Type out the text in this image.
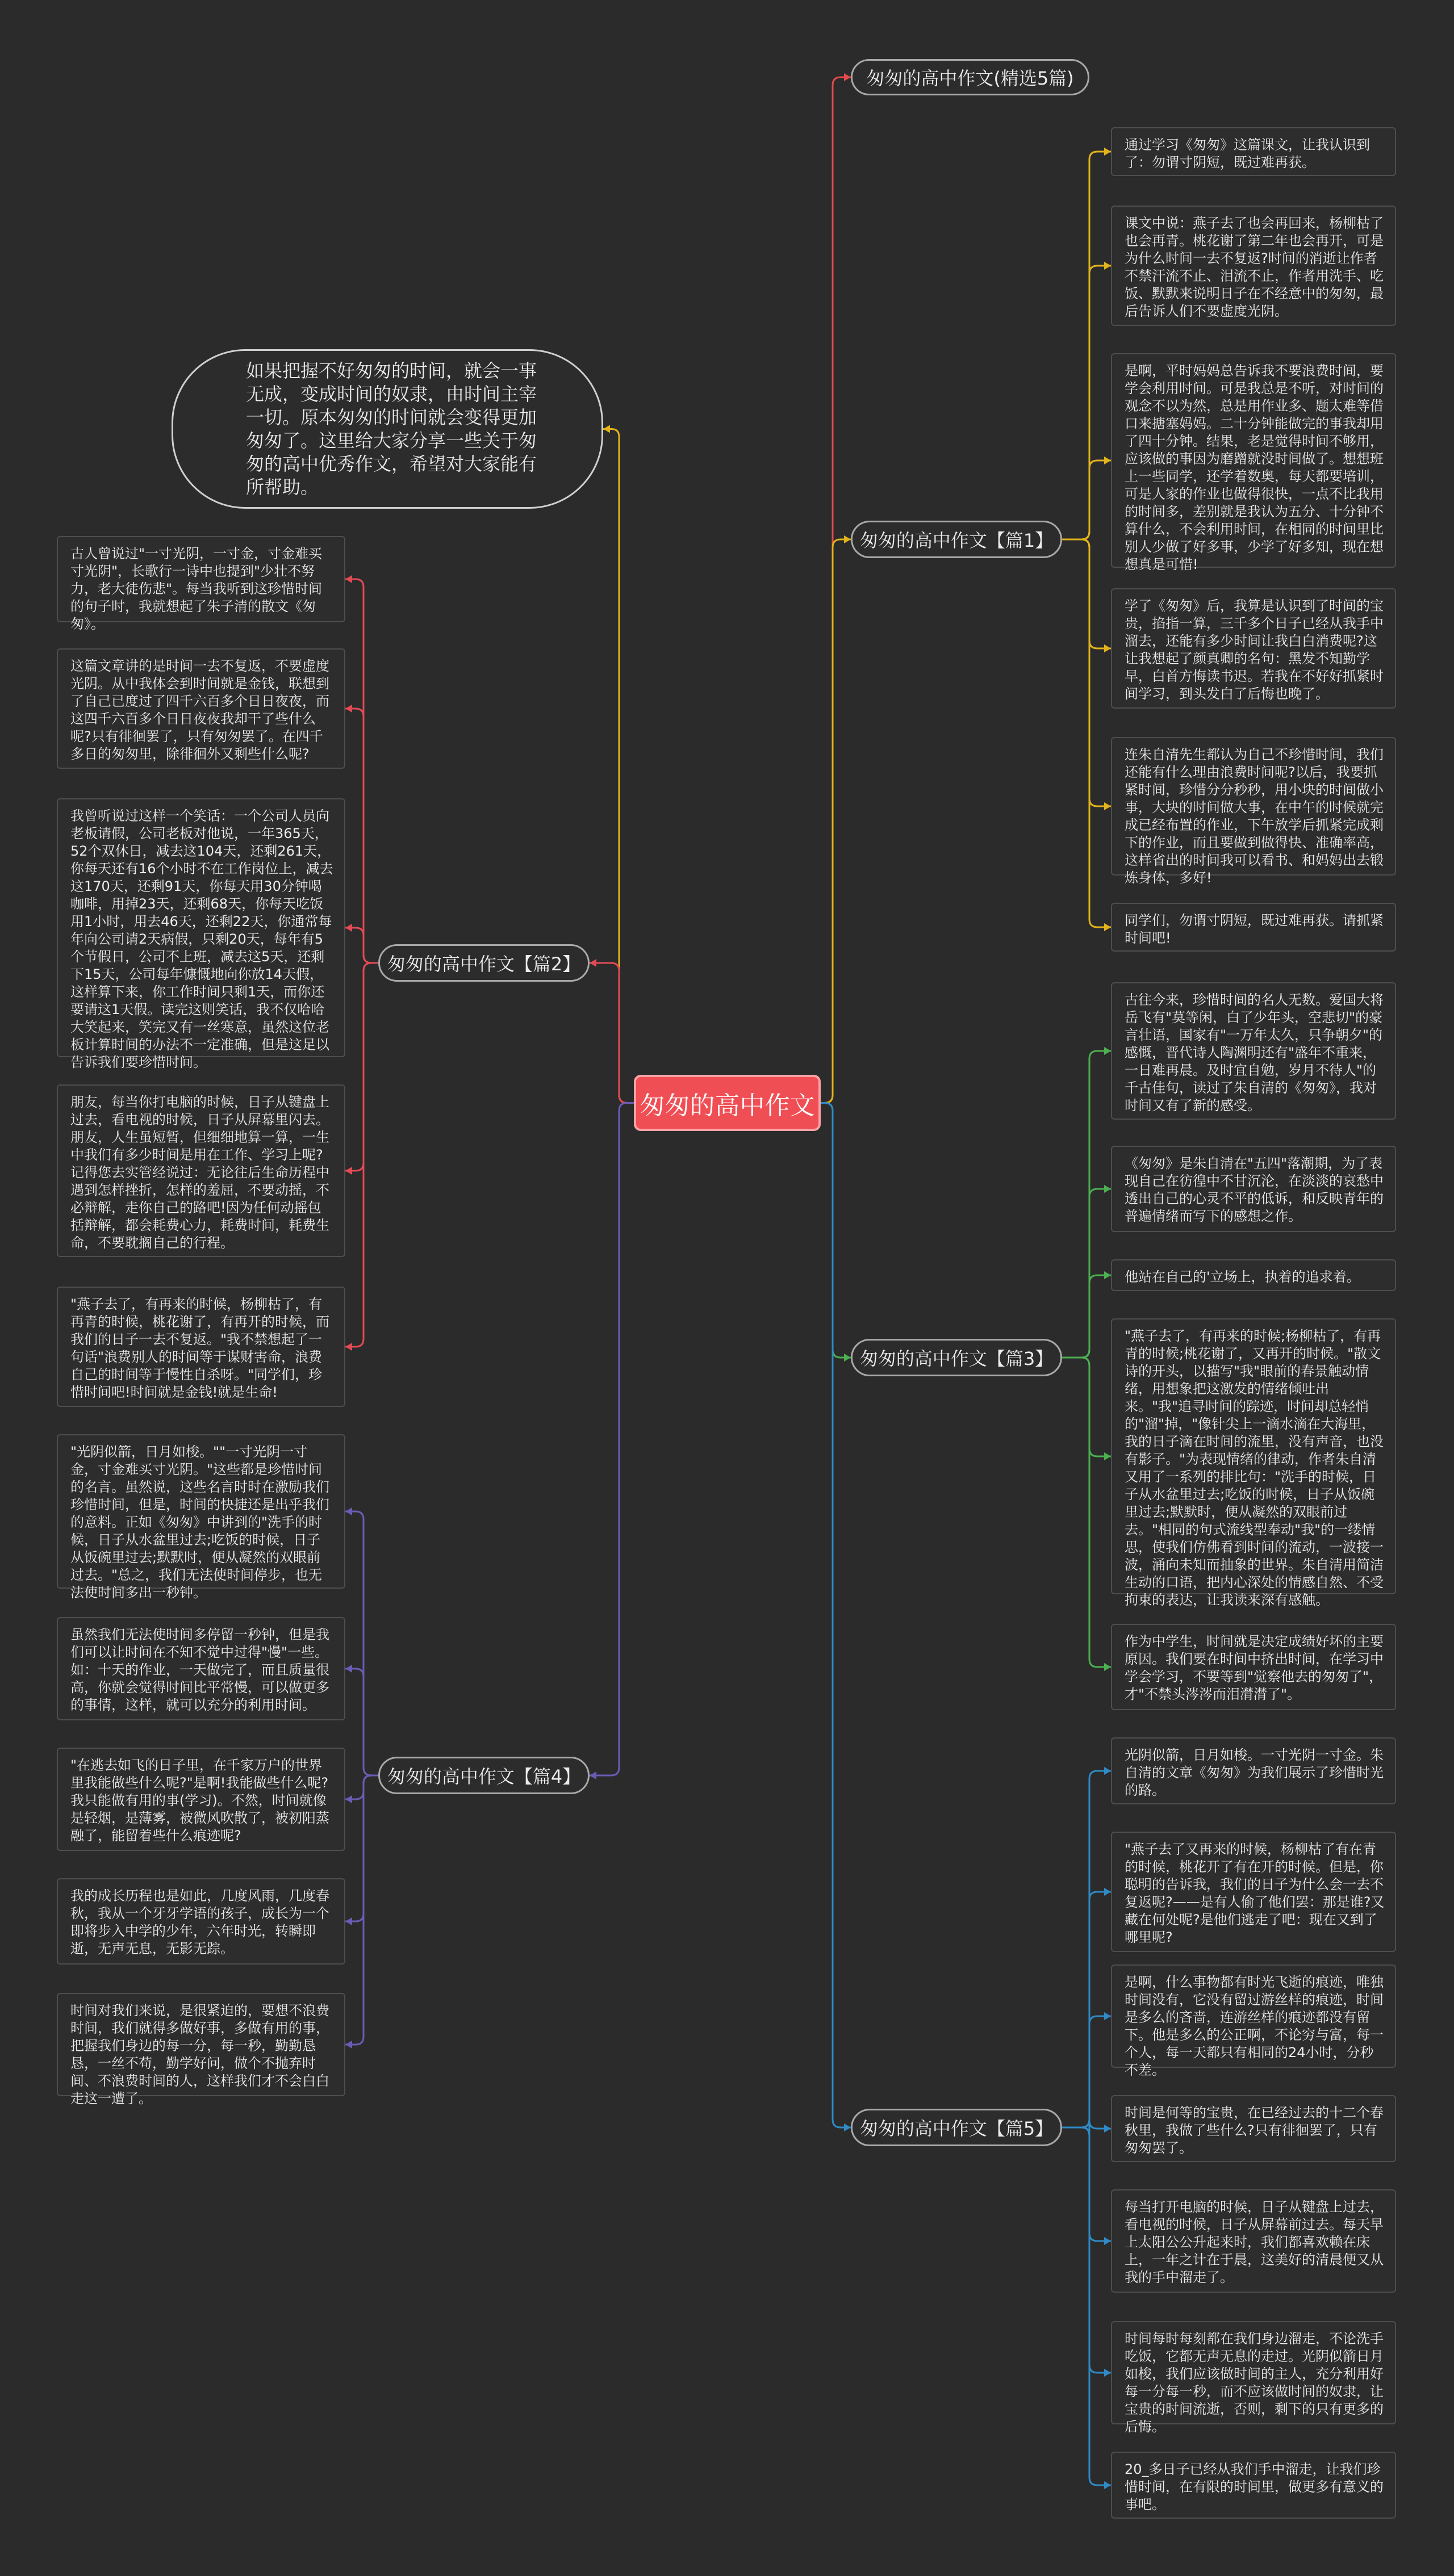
匆匆的高中作文
如果把握不好匆匆的时间，就会一事无成，变成时间的奴隶，由时间主宰一切。原本匆匆的时间就会变得更加匆匆了。这里给大家分享一些关于匆匆的高中优秀作文，希望对大家能有所帮助。
匆匆的高中作文(精选5篇)
匆匆的高中作文【篇1】
通过学习《匆匆》这篇课文，让我认识到了：勿谓寸阴短，既过难再获。
课文中说：燕子去了也会再回来，杨柳枯了也会再青。桃花谢了第二年也会再开，可是为什么时间一去不复返?时间的消逝让作者不禁汗流不止、泪流不止，作者用洗手、吃饭、默默来说明日子在不经意中的匆匆，最后告诉人们不要虚度光阴。
是啊，平时妈妈总告诉我不要浪费时间，要学会利用时间。可是我总是不听，对时间的观念不以为然，总是用作业多、题太难等借口来搪塞妈妈。二十分钟能做完的事我却用了四十分钟。结果，老是觉得时间不够用，应该做的事因为磨蹭就没时间做了。想想班上一些同学，还学着数奥，每天都要培训，可是人家的作业也做得很快，一点不比我用的时间多，差别就是我认为五分、十分钟不算什么，不会利用时间，在相同的时间里比别人少做了好多事，少学了好多知，现在想想真是可惜!
学了《匆匆》后，我算是认识到了时间的宝贵，掐指一算，三千多个日子已经从我手中溜去，还能有多少时间让我白白消费呢?这让我想起了颜真卿的名句：黑发不知勤学早，白首方悔读书迟。若我在不好好抓紧时间学习，到头发白了后悔也晚了。
连朱自清先生都认为自己不珍惜时间，我们还能有什么理由浪费时间呢?以后，我要抓紧时间，珍惜分分秒秒，用小块的时间做小事，大块的时间做大事，在中午的时候就完成已经布置的作业，下午放学后抓紧完成剩下的作业，而且要做到做得快、准确率高，这样省出的时间我可以看书、和妈妈出去锻炼身体，多好!
同学们，勿谓寸阴短，既过难再获。请抓紧时间吧!
匆匆的高中作文【篇2】
古人曾说过"一寸光阴，一寸金，寸金难买寸光阴"，长歌行一诗中也提到"少壮不努力，老大徒伤悲"。每当我听到这珍惜时间的句子时，我就想起了朱子清的散文《匆匆》。
这篇文章讲的是时间一去不复返，不要虚度光阴。从中我体会到时间就是金钱，联想到了自己已度过了四千六百多个日日夜夜，而这四千六百多个日日夜夜我却干了些什么呢?只有徘徊罢了，只有匆匆罢了。在四千多日的匆匆里，除徘徊外又剩些什么呢?
我曾听说过这样一个笑话：一个公司人员向老板请假，公司老板对他说，一年365天，52个双休日，减去这104天，还剩261天，你每天还有16个小时不在工作岗位上，减去这170天，还剩91天，你每天用30分钟喝咖啡，用掉23天，还剩68天，你每天吃饭用1小时，用去46天，还剩22天，你通常每年向公司请2天病假，只剩20天，每年有5个节假日，公司不上班，减去这5天，还剩下15天，公司每年慷慨地向你放14天假，这样算下来，你工作时间只剩1天，而你还要请这1天假。读完这则笑话，我不仅哈哈大笑起来，笑完又有一丝寒意，虽然这位老板计算时间的办法不一定准确，但是这足以告诉我们要珍惜时间。
朋友，每当你打电脑的时候，日子从键盘上过去，看电视的时候，日子从屏幕里闪去。朋友，人生虽短暂，但细细地算一算，一生中我们有多少时间是用在工作、学习上呢?记得您去实管经说过：无论往后生命历程中遇到怎样挫折，怎样的羞屈，不要动摇，不必辩解，走你自己的路吧!因为任何动摇包括辩解，都会耗费心力，耗费时间，耗费生命，不要耽搁自己的行程。
"燕子去了，有再来的时候，杨柳枯了，有再青的时候，桃花谢了，有再开的时候，而我们的日子一去不复返。"我不禁想起了一句话"浪费别人的时间等于谋财害命，浪费自己的时间等于慢性自杀呀。"同学们，珍惜时间吧!时间就是金钱!就是生命!
匆匆的高中作文【篇3】
古往今来，珍惜时间的名人无数。爱国大将岳飞有"莫等闲，白了少年头，空悲切"的豪言壮语，国家有"一万年太久，只争朝夕"的感慨，晋代诗人陶渊明还有"盛年不重来，一日难再晨。及时宜自勉，岁月不待人"的千古佳句，读过了朱自清的《匆匆》，我对时间又有了新的感受。
《匆匆》是朱自清在"五四"落潮期，为了表现自己在彷徨中不甘沉沦，在淡淡的哀愁中透出自己的心灵不平的低诉，和反映青年的普遍情绪而写下的感想之作。
他站在自己的'立场上，执着的追求着。
"燕子去了，有再来的时候;杨柳枯了，有再青的时候;桃花谢了，又再开的时候。"散文诗的开头，以描写"我"眼前的春景触动情绪，用想象把这激发的情绪倾吐出来。"我"追寻时间的踪迹，时间却总轻悄的"溜"掉，"像针尖上一滴水滴在大海里，我的日子滴在时间的流里，没有声音，也没有影子。"为表现情绪的律动，作者朱自清又用了一系列的排比句："洗手的时候，日子从水盆里过去;吃饭的时候，日子从饭碗里过去;默默时，便从凝然的双眼前过去。"相同的句式流线型奉动"我"的一缕情思，使我们仿佛看到时间的流动，一波接一波，涌向未知而抽象的世界。朱自清用简洁生动的口语，把内心深处的情感自然、不受拘束的表达，让我读来深有感触。
作为中学生，时间就是决定成绩好坏的主要原因。我们要在时间中挤出时间，在学习中学会学习，不要等到"觉察他去的匆匆了"，才"不禁头涔涔而泪潸潸了"。
匆匆的高中作文【篇4】
"光阴似箭，日月如梭。""一寸光阴一寸金，寸金难买寸光阴。"这些都是珍惜时间的名言。虽然说，这些名言时时在激励我们珍惜时间，但是，时间的快捷还是出乎我们的意料。正如《匆匆》中讲到的"洗手的时候，日子从水盆里过去;吃饭的时候，日子从饭碗里过去;默默时，便从凝然的双眼前过去。"总之，我们无法使时间停步，也无法使时间多出一秒钟。
虽然我们无法使时间多停留一秒钟，但是我们可以让时间在不知不觉中过得"慢"一些。如：十天的作业，一天做完了，而且质量很高，你就会觉得时间比平常慢，可以做更多的事情，这样，就可以充分的利用时间。
"在逃去如飞的日子里，在千家万户的世界里我能做些什么呢?"是啊!我能做些什么呢?我只能做有用的事(学习)。不然，时间就像是轻烟，是薄雾，被微风吹散了，被初阳蒸融了，能留着些什么痕迹呢?
我的成长历程也是如此，几度风雨，几度春秋，我从一个牙牙学语的孩子，成长为一个即将步入中学的少年，六年时光，转瞬即逝，无声无息，无影无踪。
时间对我们来说，是很紧迫的，要想不浪费时间，我们就得多做好事，多做有用的事，把握我们身边的每一分，每一秒，勤勤恳恳，一丝不苟，勤学好问，做个不抛弃时间、不浪费时间的人，这样我们才不会白白走这一遭了。
匆匆的高中作文【篇5】
光阴似箭，日月如梭。一寸光阴一寸金。朱自清的文章《匆匆》为我们展示了珍惜时光的路。
"燕子去了又再来的时候，杨柳枯了有在青的时候，桃花开了有在开的时候。但是，你聪明的告诉我，我们的日子为什么会一去不复返呢?——是有人偷了他们罢：那是谁?又藏在何处呢?是他们逃走了吧：现在又到了哪里呢?
是啊，什么事物都有时光飞逝的痕迹，唯独时间没有，它没有留过游丝样的痕迹，时间是多么的吝啬，连游丝样的痕迹都没有留下。他是多么的公正啊，不论穷与富，每一个人，每一天都只有相同的24小时，分秒不差。
时间是何等的宝贵，在已经过去的十二个春秋里，我做了些什么?只有徘徊罢了，只有匆匆罢了。
每当打开电脑的时候，日子从键盘上过去，看电视的时候，日子从屏幕前过去。每天早上太阳公公升起来时，我们都喜欢赖在床上，一年之计在于晨，这美好的清晨便又从我的手中溜走了。
时间每时每刻都在我们身边溜走，不论洗手吃饭，它都无声无息的走过。光阴似箭日月如梭，我们应该做时间的主人，充分利用好每一分每一秒，而不应该做时间的奴隶，让宝贵的时间流逝，否则，剩下的只有更多的后悔。
20_多日子已经从我们手中溜走，让我们珍惜时间，在有限的时间里，做更多有意义的事吧。
